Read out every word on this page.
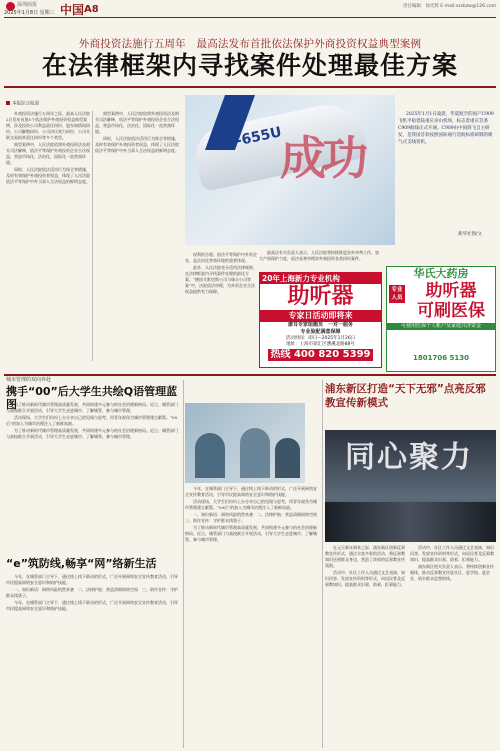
深圳商报
2025年1月8日 星期三 中国 A8	责任编辑：徐光辉 E-mail:szsbzw@126.com
外商投资法施行五周年　最高法发布首批依法保护外商投资权益典型案例
在法律框架内寻找案件处理最佳方案
本报综合报道

外商投资法施行五周年之际，最高人民法院2日发布首批5个依法保护外商投资权益典型案例，涉及投资公司利益责任纠纷、股东知情权纠纷、公司解散纠纷、公司决议效力纠纷、公司关联交易损害责任纠纷等多个类型。

典型案例中，人民法院依照外商投资法及相关司法解释，依法平等保护外商投资企业合法权益，营造市场化、法治化、国际化一流营商环境。

同时，人民法院依法适用行为保全等措施，及时有效保护外商投资者权益，体现了人民法院依法平等保护中外当事人合法权益的鲜明态度。

典型案例中，人民法院依照外商投资法及相关司法解释，依法平等保护外商投资企业合法权益，营造市场化、法治化、国际化一流营商环境。

同时，人民法院依法适用行为保全等措施，及时有效保护外商投资者权益，体现了人民法院依法平等保护中外当事人合法权益的鲜明态度。

权利的合理。依法平等保护内外资企业，是法治化营商环境的重要体现。

此外，人民法院充分适用法律规则，在法律框架内寻找案件处理的最佳方案。“德国艾默里斯公司与瑞丰公司等案”中，法院依法审理，为外资企业合法权益提供有力保障。

最高法有关负责人表示，人民法院将持续推进涉外审判工作，加大产权保护力度，依法妥善审理涉外商投资各类纠纷案件。

B-655U
成功

2025年1月1日凌晨，华夏航空的国产C909飞机平稳着陆重庆巫山机场，标志着重庆首条C909航线正式开通。C909由中国商飞自主研发，是我国首款按照国际通行适航标准研制的喷气式支线客机。

新华社图/文
20年上海新力专业机构
助听器
专家日活动即将来
康耳专家组题员　一对一服务
专业验配满意保障
活动时间：即日—2025年1月26日
地址：上海市徐汇区漕溪北路88号
热线 400 820 5399
华氏大药房
专业人员	助听器
可刷医保
可使用医保个人帐户及家庭共济资金
1801706 5130
城市管理的双向奔赴
携手“00”后大学生共绘Q语管理蓝图

为了推动新时代城市管理高质量发展，共同构建多元参与的社会治理新格局。近日，城管部门与高校联合开展活动，引导大学生走进城市、了解城管、参与城市管理。

活动现场，大学生们纷纷上台分享自己的见闻与思考，用青年视角为城市管理建言献策。“00后”的加入为城市治理注入了新鲜血液。

为了推动新时代城市管理高质量发展，共同构建多元参与的社会治理新格局。近日，城管部门与高校联合开展活动，引导大学生走进城市、了解城管、参与城市管理。

“e”筑防线,畅享“网”络新生活

今年，在城管部门主导下，通过线上线下联动的形式，广泛开展网络安全宣传教育活动，引导市民提高网络安全意识和防护技能。

一、知识新语：网络风险悄然来袭　二、法律护航：营造清朗网络空间　三、防诈宣传：守护群众钱袋子。

今年，在城管部门主导下，通过线上线下联动的形式，广泛开展网络安全宣传教育活动，引导市民提高网络安全意识和防护技能。

今年，在城管部门主导下，通过线上线下联动的形式，广泛开展网络安全宣传教育活动，引导市民提高网络安全意识和防护技能。

活动现场，大学生们纷纷上台分享自己的见闻与思考，用青年视角为城市管理建言献策。“00后”的加入为城市治理注入了新鲜血液。

一、知识新语：网络风险悄然来袭　二、法律护航：营造清朗网络空间　三、防诈宣传：守护群众钱袋子。

为了推动新时代城市管理高质量发展，共同构建多元参与的社会治理新格局。近日，城管部门与高校联合开展活动，引导大学生走进城市、了解城管、参与城市管理。

浦东新区打造“天下无邪”点亮反邪教宣传新模式
同心聚力

在元旦新年到来之际，浦东新区创新反邪教宣传形式，通过丰富多彩的活动，将反邪教知识送到群众身边，营造了浓厚的反邪教宣传氛围。

活动中，社区工作人员通过文艺表演、知识问答、发放宣传资料等形式，向居民普及反邪教知识，提高群众识邪、防邪、拒邪能力。

活动中，社区工作人员通过文艺表演、知识问答、发放宣传资料等形式，向居民普及反邪教知识，提高群众识邪、防邪、拒邪能力。

浦东新区相关负责人表示，将持续创新宣传载体，推动反邪教宣传进社区、进学校、进企业，筑牢群众思想防线。
